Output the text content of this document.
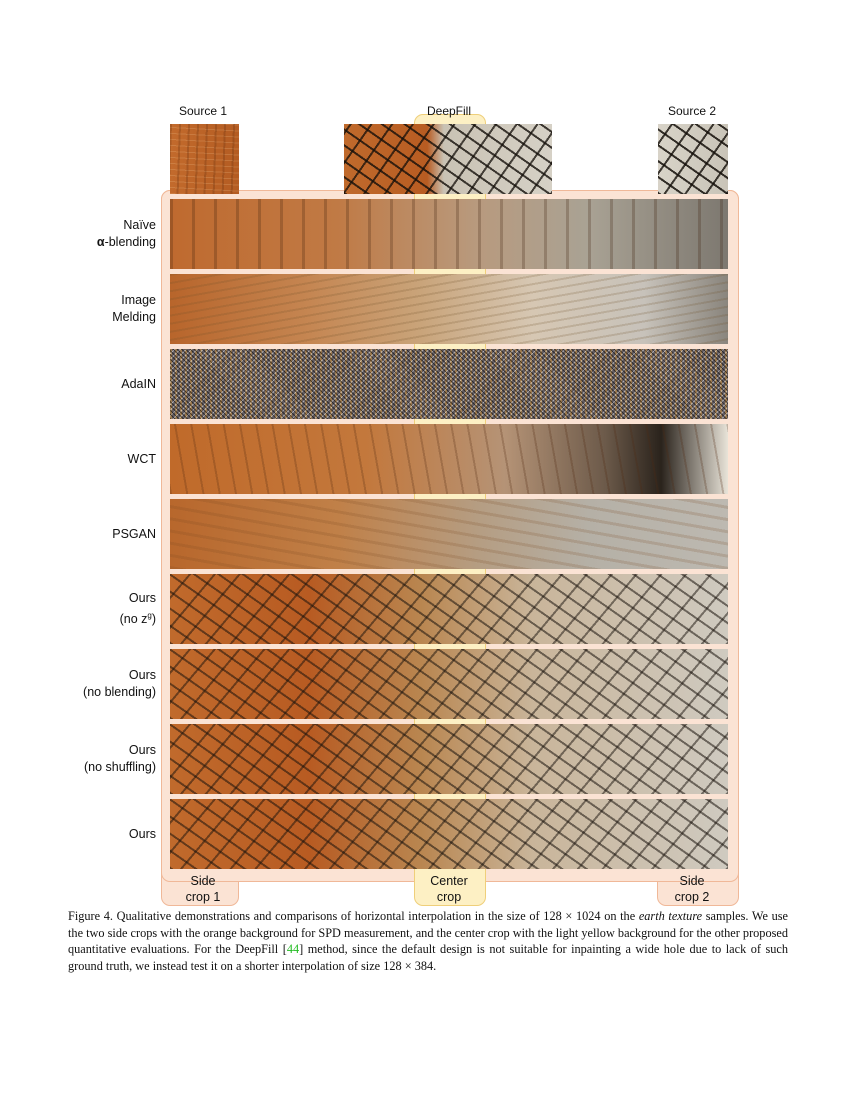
Source 1	DeepFill	Source 2
Naïve
α-blending
Image
Melding
AdaIN
WCT
PSGAN
Ours
(no $z^g$)
Ours
(no blending)
Ours
(no shuffling)
Ours
Side
crop 1
Center
crop
Side
crop 2
Figure 4. Qualitative demonstrations and comparisons of horizontal interpolation in the size of 128 × 1024 on the earth texture samples. We use the two side crops with the orange background for SPD measurement, and the center crop with the light yellow background for the other proposed quantitative evaluations. For the DeepFill [44] method, since the default design is not suitable for inpainting a wide hole due to lack of such ground truth, we instead test it on a shorter interpolation of size 128 × 384.
